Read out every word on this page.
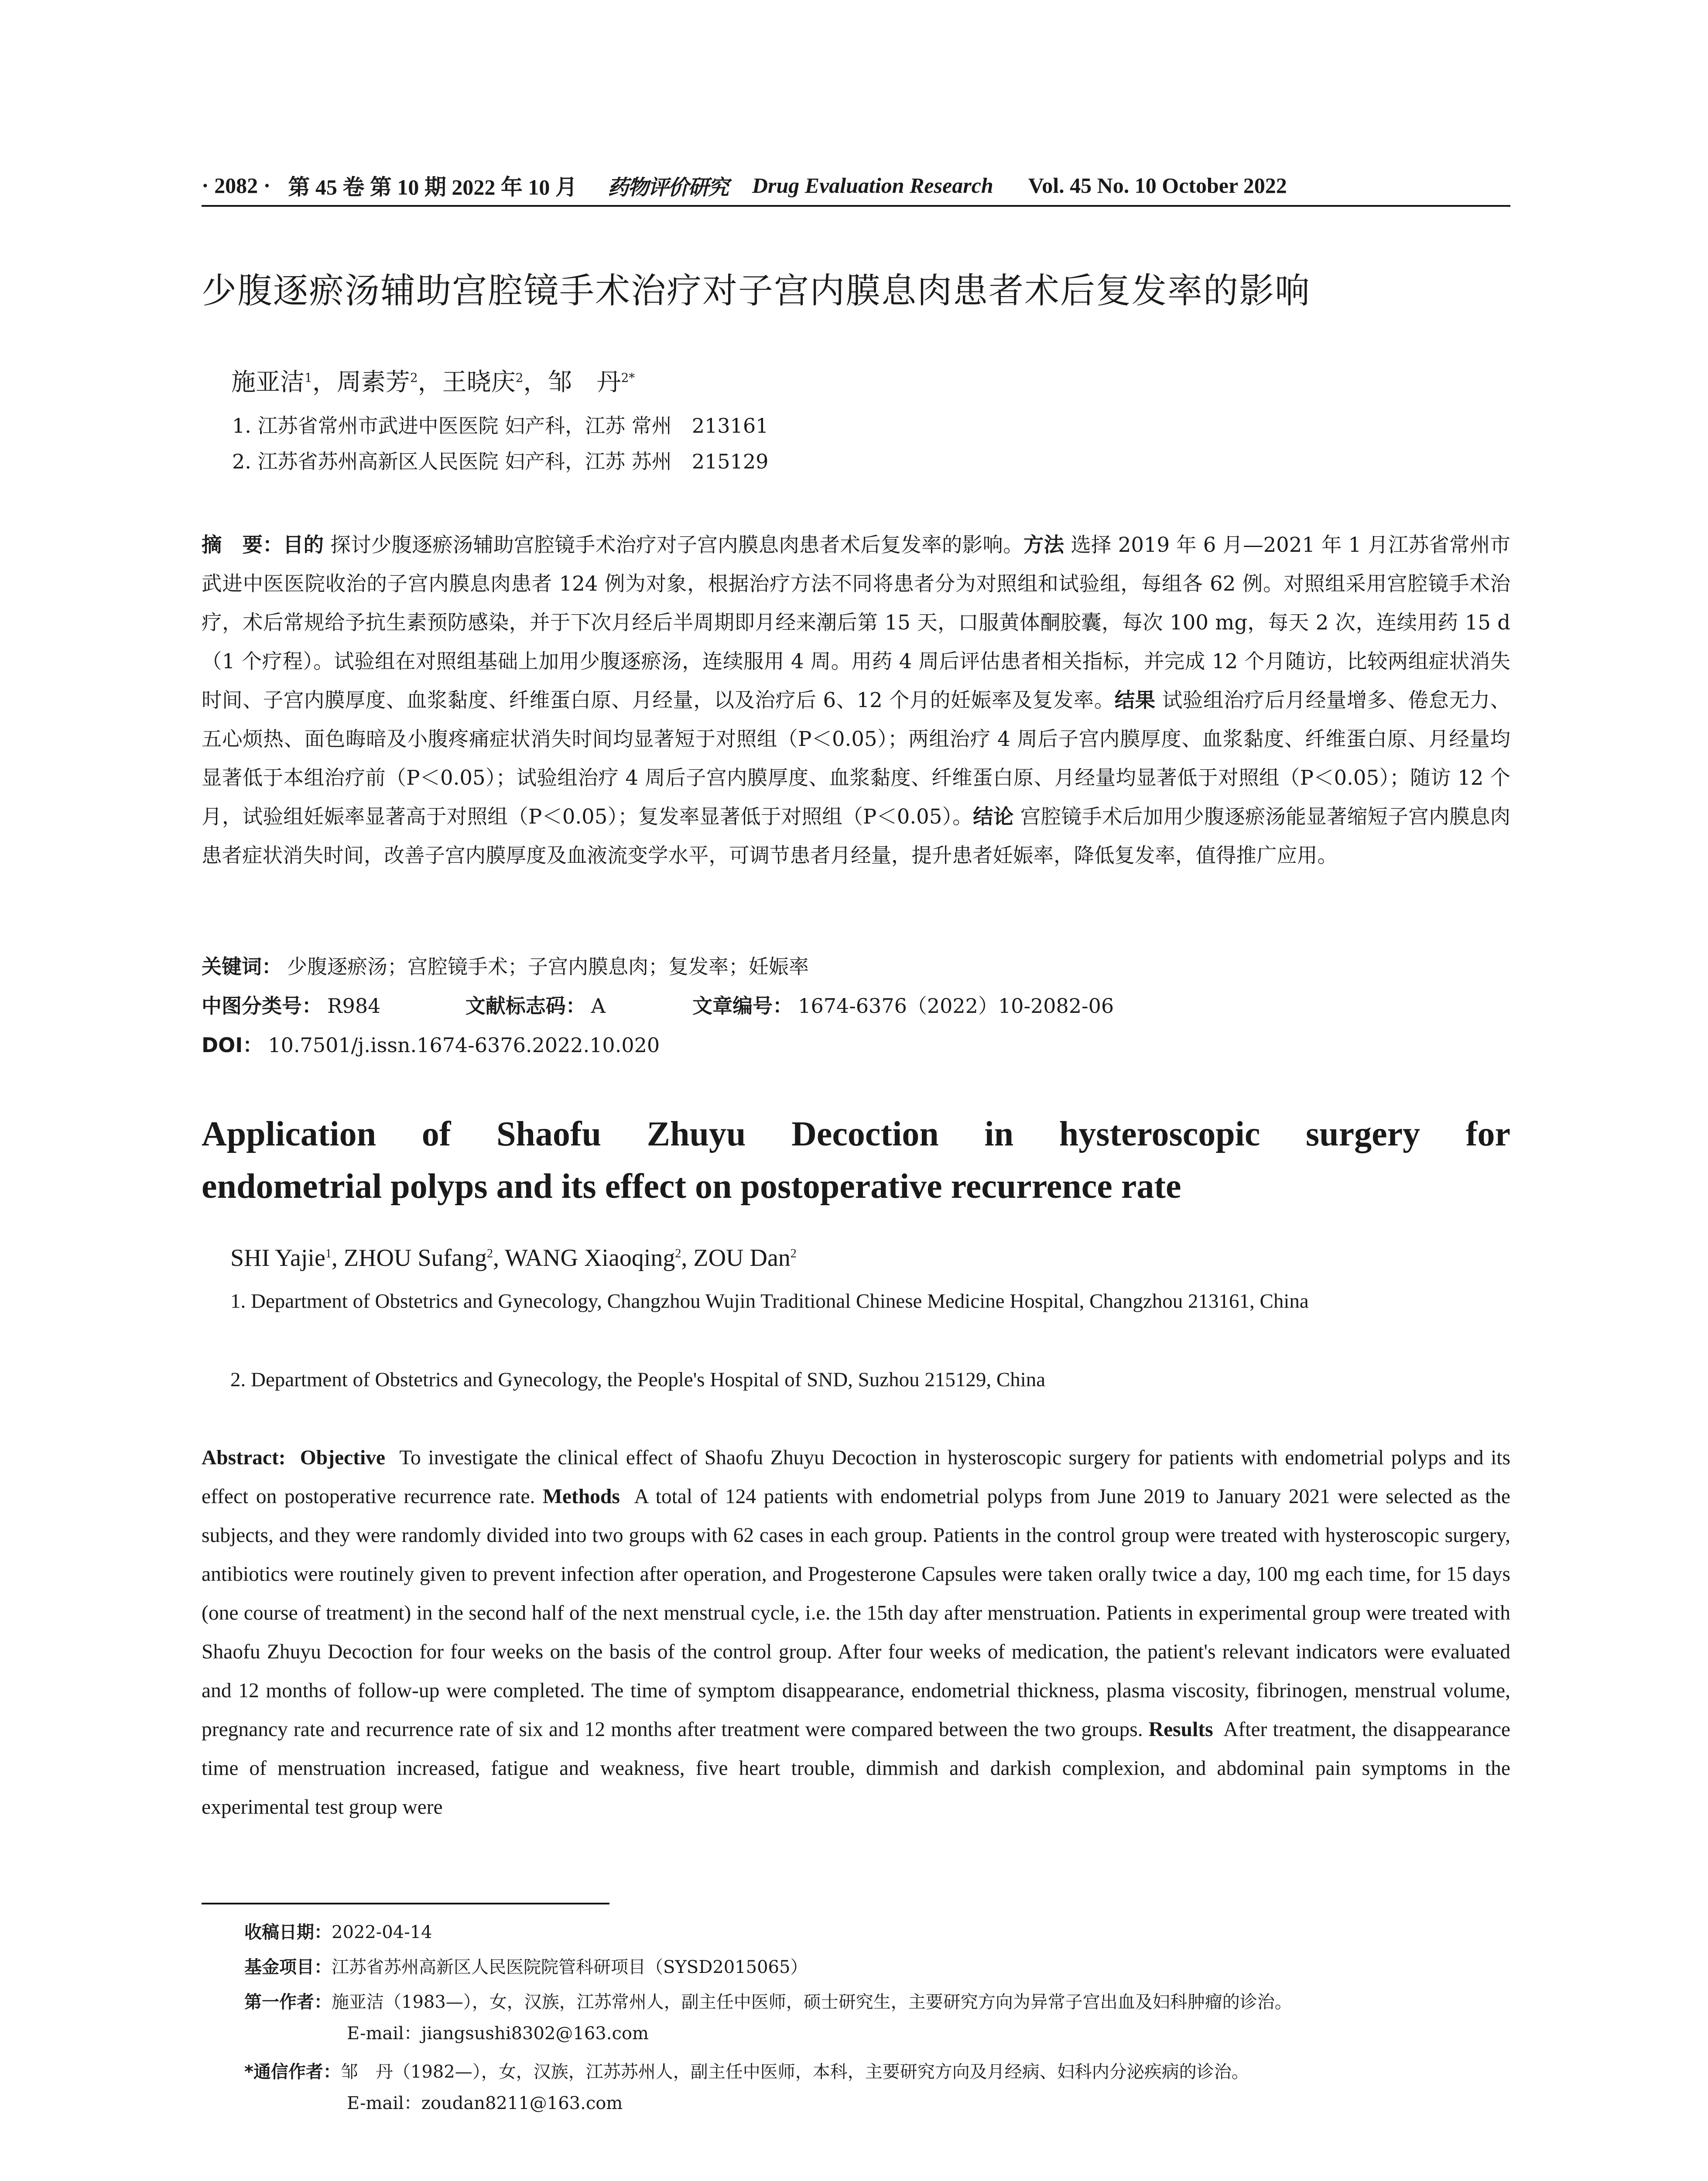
· 2082 · 第 45 卷 第 10 期 2022 年 10 月 药物评价研究 Drug Evaluation Research Vol. 45 No. 10 October 2022
少腹逐瘀汤辅助宫腔镜手术治疗对子宫内膜息肉患者术后复发率的影响
施亚洁$^1$，周素芳$^2$，王晓庆$^2$，邹　丹$^{2*}$
1. 江苏省常州市武进中医医院 妇产科，江苏 常州　213161
2. 江苏省苏州高新区人民医院 妇产科，江苏 苏州　215129
摘　要：目的 探讨少腹逐瘀汤辅助宫腔镜手术治疗对子宫内膜息肉患者术后复发率的影响。方法 选择 2019 年 6 月—2021 年 1 月江苏省常州市武进中医医院收治的子宫内膜息肉患者 124 例为对象，根据治疗方法不同将患者分为对照组和试验组，每组各 62 例。对照组采用宫腔镜手术治疗，术后常规给予抗生素预防感染，并于下次月经后半周期即月经来潮后第 15 天，口服黄体酮胶囊，每次 100 mg，每天 2 次，连续用药 15 d（1 个疗程）。试验组在对照组基础上加用少腹逐瘀汤，连续服用 4 周。用药 4 周后评估患者相关指标，并完成 12 个月随访，比较两组症状消失时间、子宫内膜厚度、血浆黏度、纤维蛋白原、月经量，以及治疗后 6、12 个月的妊娠率及复发率。结果 试验组治疗后月经量增多、倦怠无力、五心烦热、面色晦暗及小腹疼痛症状消失时间均显著短于对照组（P＜0.05）；两组治疗 4 周后子宫内膜厚度、血浆黏度、纤维蛋白原、月经量均显著低于本组治疗前（P＜0.05）；试验组治疗 4 周后子宫内膜厚度、血浆黏度、纤维蛋白原、月经量均显著低于对照组（P＜0.05）；随访 12 个月，试验组妊娠率显著高于对照组（P＜0.05）；复发率显著低于对照组（P＜0.05）。结论 宫腔镜手术后加用少腹逐瘀汤能显著缩短子宫内膜息肉患者症状消失时间，改善子宫内膜厚度及血液流变学水平，可调节患者月经量，提升患者妊娠率，降低复发率，值得推广应用。
关键词： 少腹逐瘀汤；宫腔镜手术；子宫内膜息肉；复发率；妊娠率
中图分类号： R984	文献标志码： A	文章编号： 1674-6376（2022）10-2082-06
DOI： 10.7501/j.issn.1674-6376.2022.10.020
Application of Shaofu Zhuyu Decoction in hysteroscopic surgery for
endometrial polyps and its effect on postoperative recurrence rate
SHI Yajie$^1$, ZHOU Sufang$^2$, WANG Xiaoqing$^2$, ZOU Dan$^2$
1. Department of Obstetrics and Gynecology, Changzhou Wujin Traditional Chinese Medicine Hospital, Changzhou 213161, China
2. Department of Obstetrics and Gynecology, the People's Hospital of SND, Suzhou 215129, China
Abstract: Objective To investigate the clinical effect of Shaofu Zhuyu Decoction in hysteroscopic surgery for patients with endometrial polyps and its effect on postoperative recurrence rate. Methods A total of 124 patients with endometrial polyps from June 2019 to January 2021 were selected as the subjects, and they were randomly divided into two groups with 62 cases in each group. Patients in the control group were treated with hysteroscopic surgery, antibiotics were routinely given to prevent infection after operation, and Progesterone Capsules were taken orally twice a day, 100 mg each time, for 15 days (one course of treatment) in the second half of the next menstrual cycle, i.e. the 15th day after menstruation. Patients in experimental group were treated with Shaofu Zhuyu Decoction for four weeks on the basis of the control group. After four weeks of medication, the patient's relevant indicators were evaluated and 12 months of follow-up were completed. The time of symptom disappearance, endometrial thickness, plasma viscosity, fibrinogen, menstrual volume, pregnancy rate and recurrence rate of six and 12 months after treatment were compared between the two groups. Results After treatment, the disappearance time of menstruation increased, fatigue and weakness, five heart trouble, dimmish and darkish complexion, and abdominal pain symptoms in the experimental test group were
收稿日期：2022-04-14
基金项目：江苏省苏州高新区人民医院院管科研项目（SYSD2015065）
第一作者：施亚洁（1983—），女，汉族，江苏常州人，副主任中医师，硕士研究生，主要研究方向为异常子宫出血及妇科肿瘤的诊治。
E-mail：jiangsushi8302@163.com
*通信作者：邹　丹（1982—），女，汉族，江苏苏州人，副主任中医师，本科，主要研究方向及月经病、妇科内分泌疾病的诊治。
E-mail：zoudan8211@163.com
